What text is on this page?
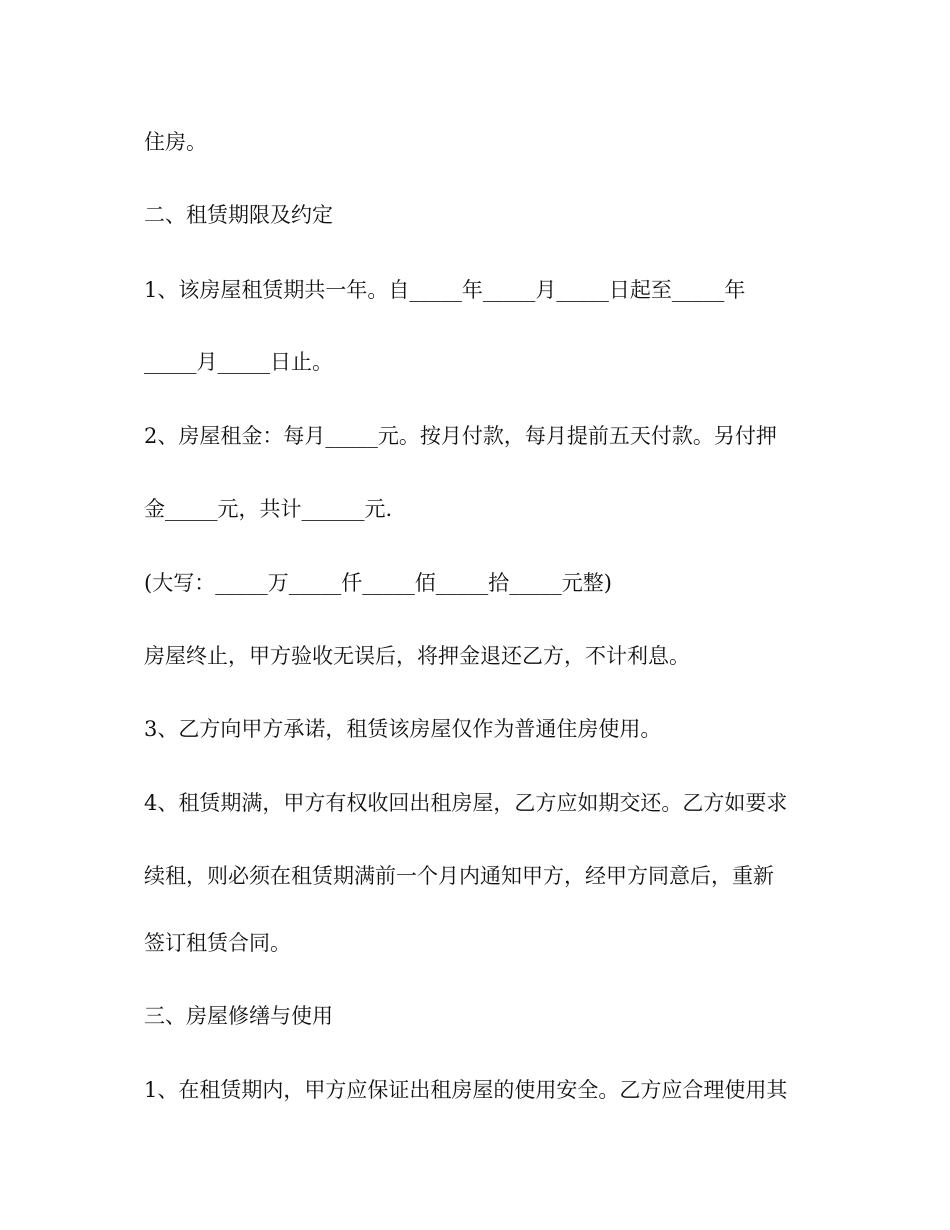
住房。

二、租赁期限及约定

1、该房屋租赁期共一年。自_____年_____月_____日起至_____年

_____月_____日止。

2、房屋租金：每月_____元。按月付款，每月提前五天付款。另付押

金_____元，共计______元.

(大写：_____万_____仟_____佰_____拾_____元整)

房屋终止，甲方验收无误后，将押金退还乙方，不计利息。

3、乙方向甲方承诺，租赁该房屋仅作为普通住房使用。

4、租赁期满，甲方有权收回出租房屋，乙方应如期交还。乙方如要求

续租，则必须在租赁期满前一个月内通知甲方，经甲方同意后，重新

签订租赁合同。

三、房屋修缮与使用

1、在租赁期内，甲方应保证出租房屋的使用安全。乙方应合理使用其
